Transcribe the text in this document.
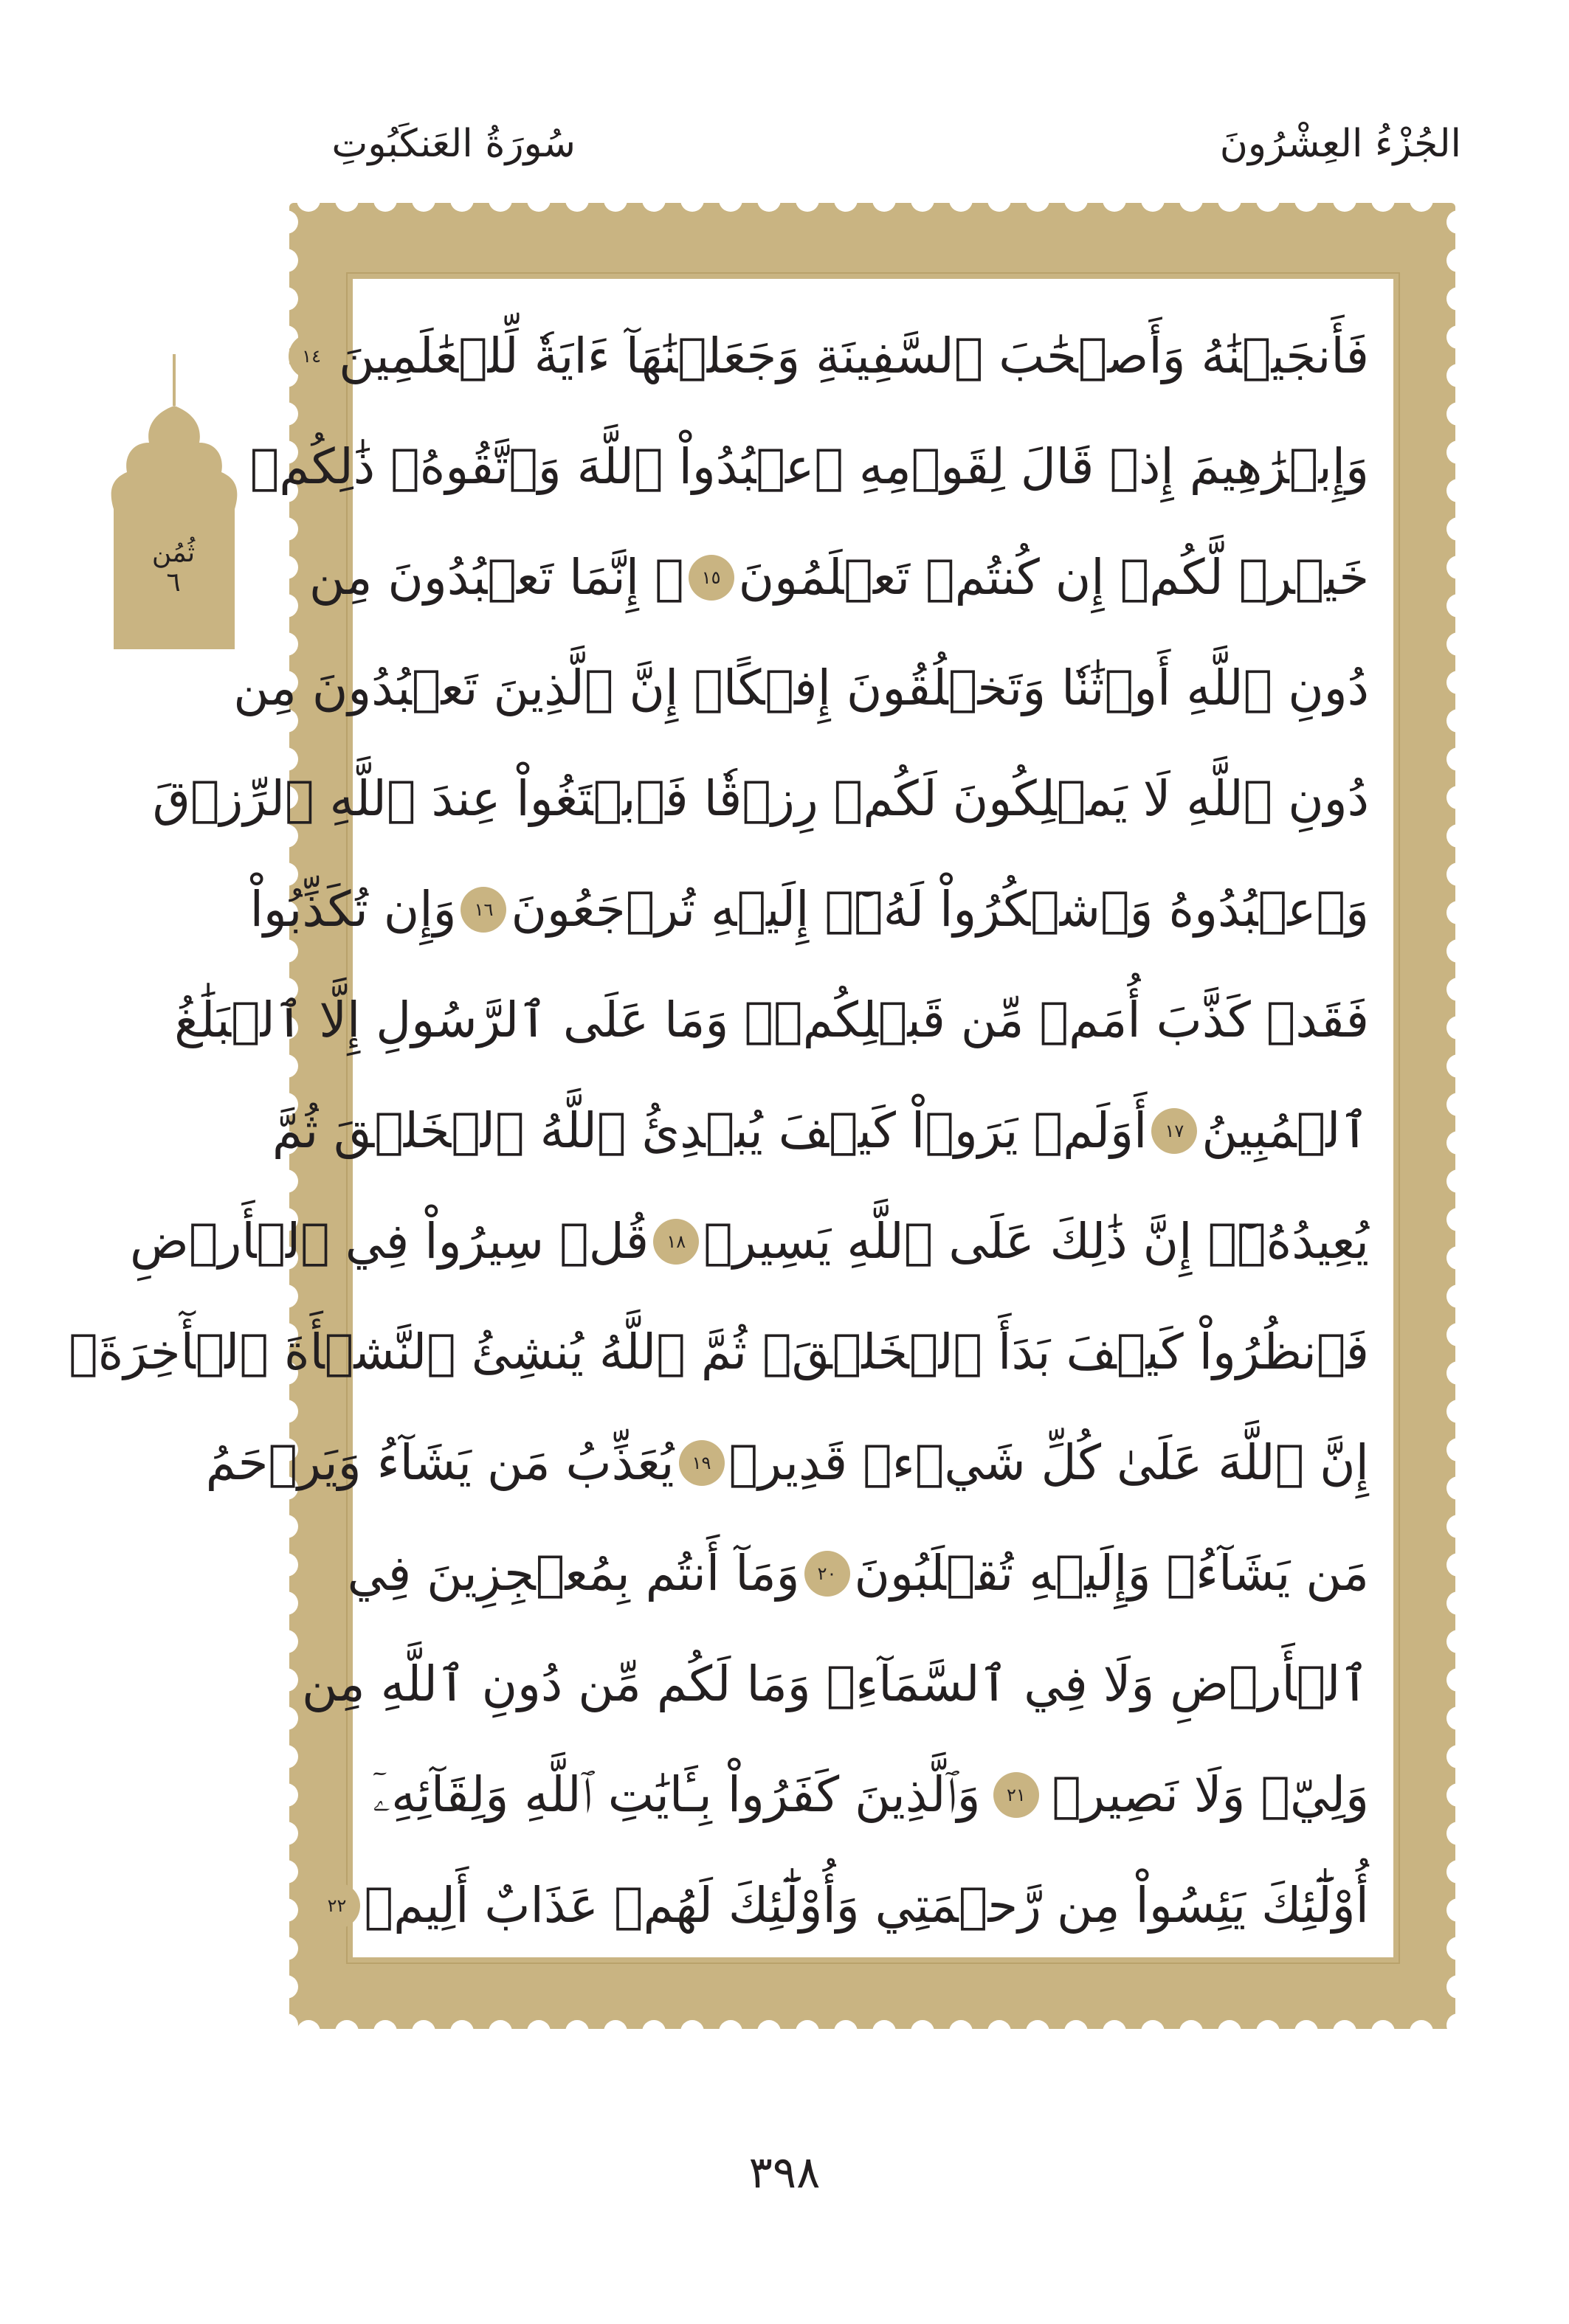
الجُزْءُ العِشْرُونَ
سُورَةُ العَنكَبُوتِ
ثُمُن
٦
فَأَنجَيۡنَٰهُ وَأَصۡحَٰبَ ٱلسَّفِينَةِ وَجَعَلۡنَٰهَآ ءَايَةٗ لِّلۡعَٰلَمِينَ
١٤
وَإِبۡرَٰهِيمَ إِذۡ قَالَ لِقَوۡمِهِ ٱعۡبُدُواْ ٱللَّهَ وَٱتَّقُوهُۖ ذَٰلِكُمۡ
خَيۡرٞ لَّكُمۡ إِن كُنتُمۡ تَعۡلَمُونَ
١٥
۞ إِنَّمَا تَعۡبُدُونَ مِن
دُونِ ٱللَّهِ أَوۡثَٰنٗا وَتَخۡلُقُونَ إِفۡكًاۚ إِنَّ ٱلَّذِينَ تَعۡبُدُونَ مِن
دُونِ ٱللَّهِ لَا يَمۡلِكُونَ لَكُمۡ رِزۡقٗا فَٱبۡتَغُواْ عِندَ ٱللَّهِ ٱلرِّزۡقَ
وَٱعۡبُدُوهُ وَٱشۡكُرُواْ لَهُۥٓۖ إِلَيۡهِ تُرۡجَعُونَ
١٦
وَإِن تُكَذِّبُواْ
فَقَدۡ كَذَّبَ أُمَمٞ مِّن قَبۡلِكُمۡۖ وَمَا عَلَى ٱلرَّسُولِ إِلَّا ٱلۡبَلَٰغُ
ٱلۡمُبِينُ
١٧
أَوَلَمۡ يَرَوۡاْ كَيۡفَ يُبۡدِئُ ٱللَّهُ ٱلۡخَلۡقَ ثُمَّ
يُعِيدُهُۥٓۚ إِنَّ ذَٰلِكَ عَلَى ٱللَّهِ يَسِيرٞ
١٨
قُلۡ سِيرُواْ فِي ٱلۡأَرۡضِ
فَٱنظُرُواْ كَيۡفَ بَدَأَ ٱلۡخَلۡقَۚ ثُمَّ ٱللَّهُ يُنشِئُ ٱلنَّشۡأَةَ ٱلۡأٓخِرَةَۚ
إِنَّ ٱللَّهَ عَلَىٰ كُلِّ شَيۡءٖ قَدِيرٞ
١٩
يُعَذِّبُ مَن يَشَآءُ وَيَرۡحَمُ
مَن يَشَآءُۖ وَإِلَيۡهِ تُقۡلَبُونَ
٢٠
وَمَآ أَنتُم بِمُعۡجِزِينَ فِي
ٱلۡأَرۡضِ وَلَا فِي ٱلسَّمَآءِۖ وَمَا لَكُم مِّن دُونِ ٱللَّهِ مِن
وَلِيّٖ وَلَا نَصِيرٖ
٢١
وَٱلَّذِينَ كَفَرُواْ بِـَٔايَٰتِ ٱللَّهِ وَلِقَآئِهِۦٓ
أُوْلَٰٓئِكَ يَئِسُواْ مِن رَّحۡمَتِي وَأُوْلَٰٓئِكَ لَهُمۡ عَذَابٌ أَلِيمٞ
٢٢
٣٩٨
